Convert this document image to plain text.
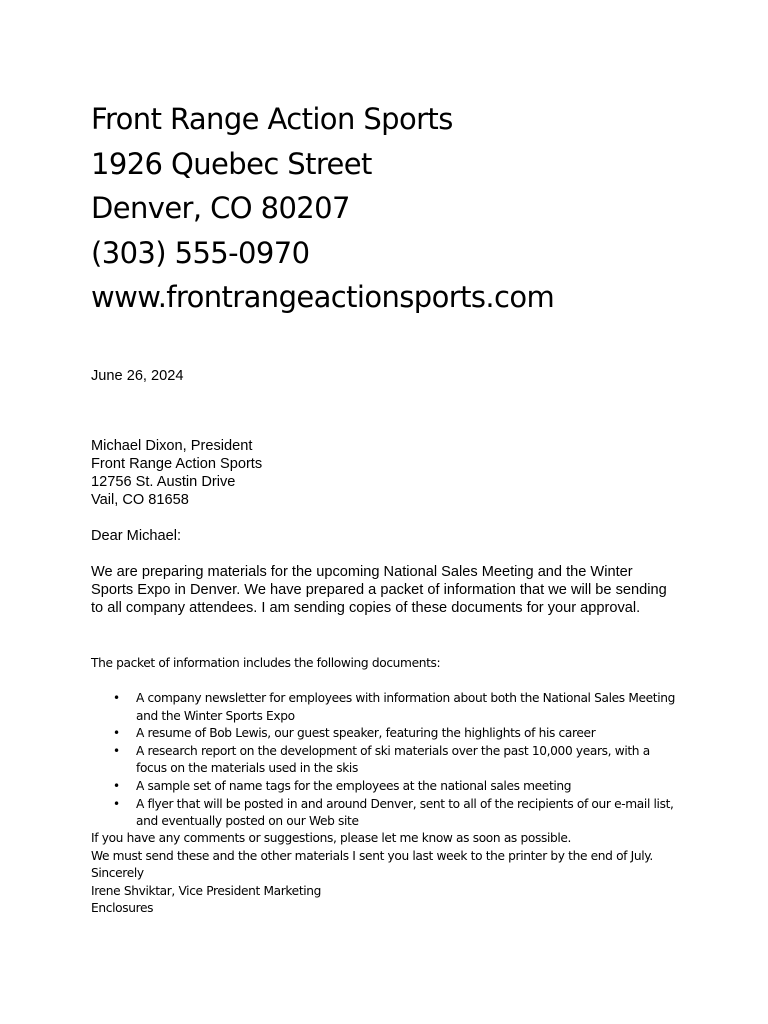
Front Range Action Sports
1926 Quebec Street
Denver, CO 80207
(303) 555-0970
www.frontrangeactionsports.com
June 26, 2024
Michael Dixon, President
Front Range Action Sports
12756 St. Austin Drive
Vail, CO 81658
Dear Michael:
We are preparing materials for the upcoming National Sales Meeting and the Winter Sports Expo in Denver. We have prepared a packet of information that we will be sending to all company attendees. I am sending copies of these documents for your approval.
The packet of information includes the following documents:
• A company newsletter for employees with information about both the National Sales Meeting and the Winter Sports Expo
• A resume of Bob Lewis, our guest speaker, featuring the highlights of his career
• A research report on the development of ski materials over the past 10,000 years, with a focus on the materials used in the skis
• A sample set of name tags for the employees at the national sales meeting
• A flyer that will be posted in and around Denver, sent to all of the recipients of our e-mail list, and eventually posted on our Web site
If you have any comments or suggestions, please let me know as soon as possible.
We must send these and the other materials I sent you last week to the printer by the end of July.
Sincerely
Irene Shviktar, Vice President Marketing
Enclosures
